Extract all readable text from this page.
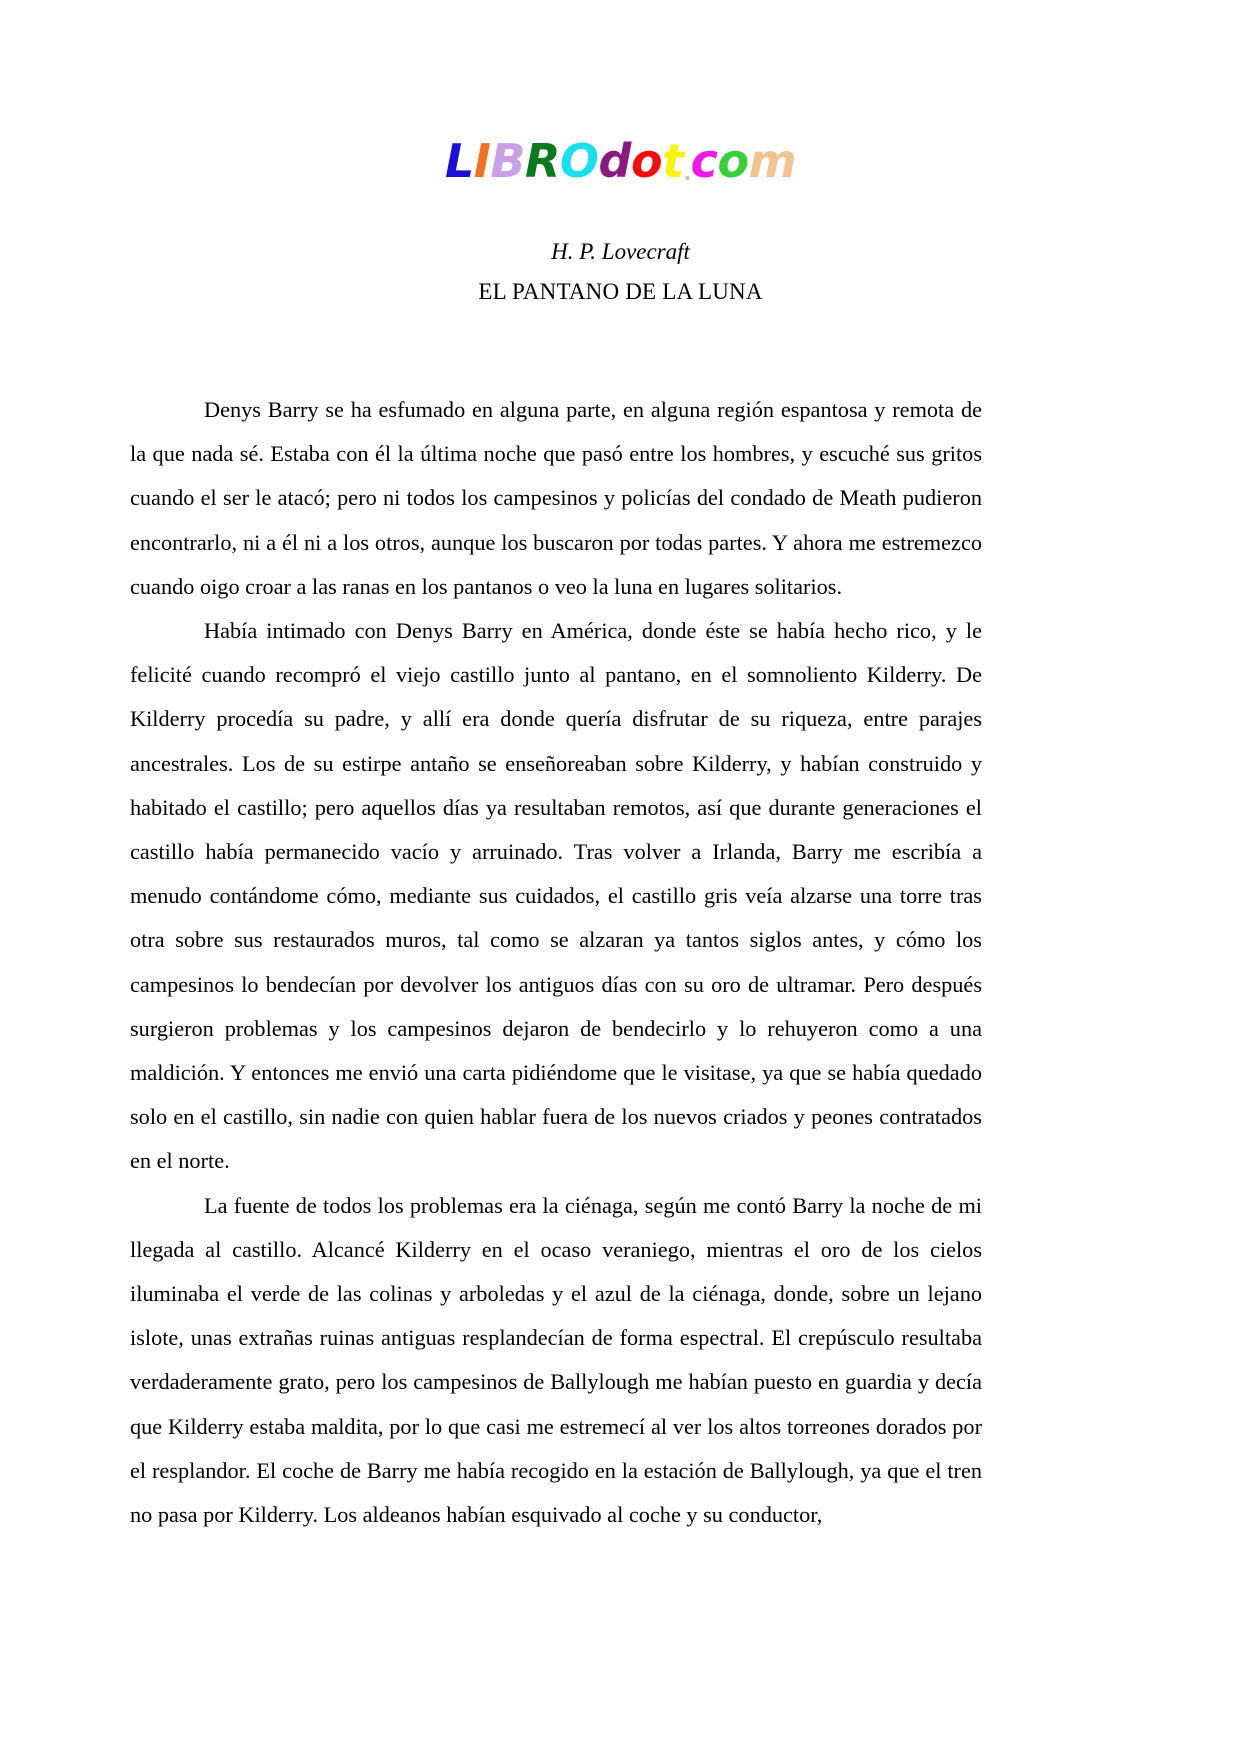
LIBROdot.com
H. P. Lovecraft
EL PANTANO DE LA LUNA

Denys Barry se ha esfumado en alguna parte, en alguna región espantosa y remota de la que nada sé. Estaba con él la última noche que pasó entre los hombres, y escuché sus gritos cuando el ser le atacó; pero ni todos los campesinos y policías del condado de Meath pudieron encontrarlo, ni a él ni a los otros, aunque los buscaron por todas partes. Y ahora me estremezco cuando oigo croar a las ranas en los pantanos o veo la luna en lugares solitarios.

Había intimado con Denys Barry en América, donde éste se había hecho rico, y le felicité cuando recompró el viejo castillo junto al pantano, en el somnoliento Kilderry. De Kilderry procedía su padre, y allí era donde quería disfrutar de su riqueza, entre parajes ancestrales. Los de su estirpe antaño se enseñoreaban sobre Kilderry, y habían construido y habitado el castillo; pero aquellos días ya resultaban remotos, así que durante generaciones el castillo había permanecido vacío y arruinado. Tras volver a Irlanda, Barry me escribía a menudo contándome cómo, mediante sus cuidados, el castillo gris veía alzarse una torre tras otra sobre sus restaurados muros, tal como se alzaran ya tantos siglos antes, y cómo los campesinos lo bendecían por devolver los antiguos días con su oro de ultramar. Pero después surgieron problemas y los campesinos dejaron de bendecirlo y lo rehuyeron como a una maldición. Y entonces me envió una carta pidiéndome que le visitase, ya que se había quedado solo en el castillo, sin nadie con quien hablar fuera de los nuevos criados y peones contratados en el norte.

La fuente de todos los problemas era la ciénaga, según me contó Barry la noche de mi llegada al castillo. Alcancé Kilderry en el ocaso veraniego, mientras el oro de los cielos iluminaba el verde de las colinas y arboledas y el azul de la ciénaga, donde, sobre un lejano islote, unas extrañas ruinas antiguas resplandecían de forma espectral. El crepúsculo resultaba verdaderamente grato, pero los campesinos de Ballylough me habían puesto en guardia y decía que Kilderry estaba maldita, por lo que casi me estremecí al ver los altos torreones dorados por el resplandor. El coche de Barry me había recogido en la estación de Ballylough, ya que el tren no pasa por Kilderry. Los aldeanos habían esquivado al coche y su conductor,
